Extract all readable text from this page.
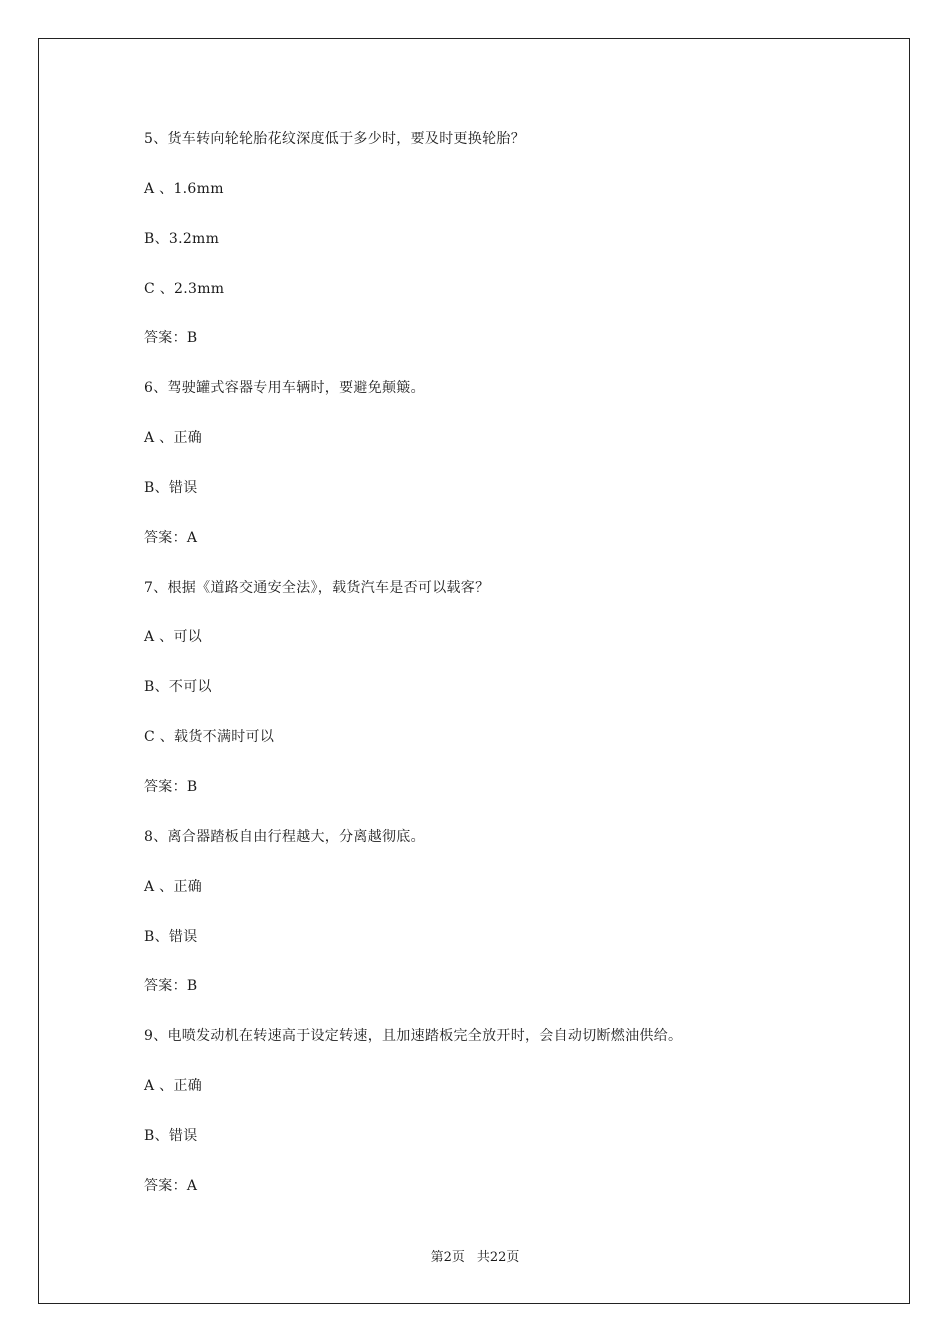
5、货车转向轮轮胎花纹深度低于多少时，要及时更换轮胎？
A 、1.6mm
B、3.2mm
C 、2.3mm
答案：B
6、驾驶罐式容器专用车辆时，要避免颠簸。
A 、正确
B、错误
答案：A
7、根据《道路交通安全法》，载货汽车是否可以载客？
A 、可以
B、不可以
C 、载货不满时可以
答案：B
8、离合器踏板自由行程越大，分离越彻底。
A 、正确
B、错误
答案：B
9、电喷发动机在转速高于设定转速，且加速踏板完全放开时，会自动切断燃油供给。
A 、正确
B、错误
答案：A
第2页 共22页
